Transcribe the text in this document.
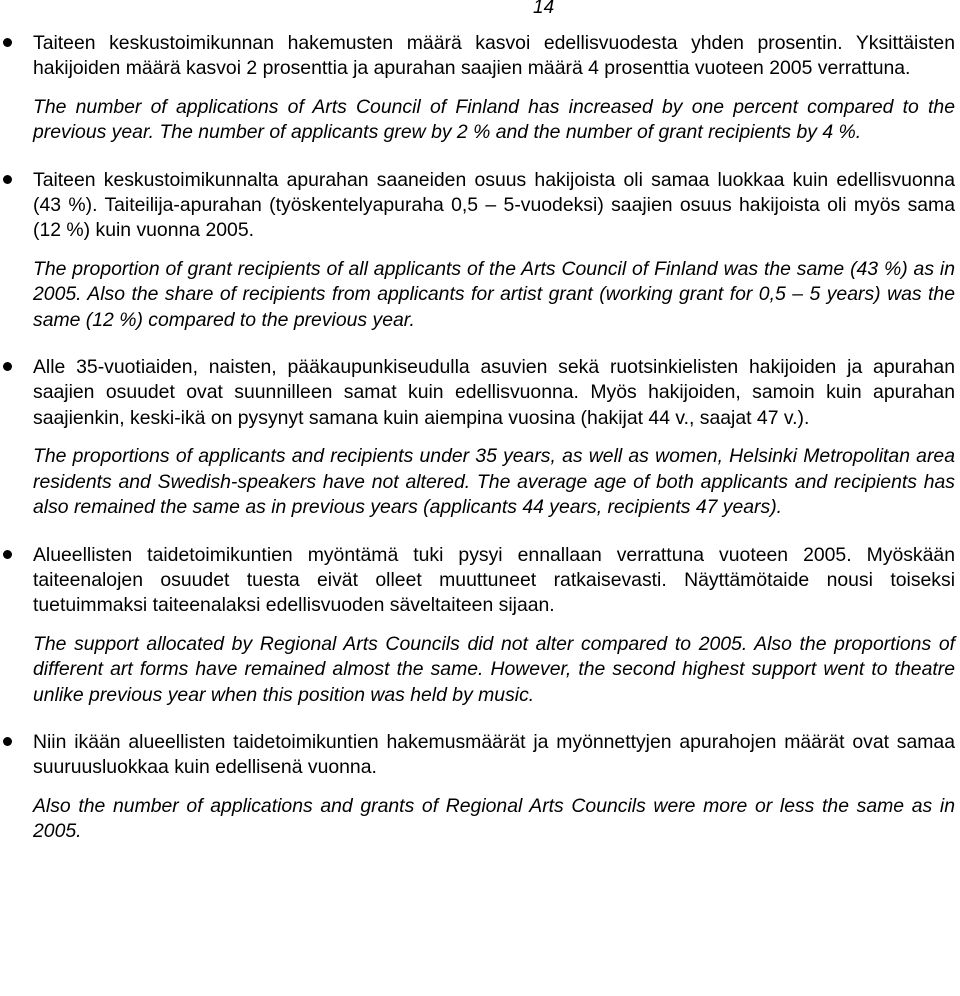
14

Taiteen keskustoimikunnan hakemusten määrä kasvoi edellisvuodesta yhden prosentin. Yksittäisten hakijoiden määrä kasvoi 2 prosenttia ja apurahan saajien määrä 4 prosenttia vuoteen 2005 verrattuna.

The number of applications of Arts Council of Finland has increased by one percent compared to the previous year. The number of applicants grew by 2 % and the number of grant recipients by 4 %.

Taiteen keskustoimikunnalta apurahan saaneiden osuus hakijoista oli samaa luokkaa kuin edellisvuonna (43 %). Taiteilija-apurahan (työskentelyapuraha 0,5 – 5-vuodeksi) saajien osuus hakijoista oli myös sama (12 %) kuin vuonna 2005.

The proportion of grant recipients of all applicants of the Arts Council of Finland was the same (43 %) as in 2005. Also the share of recipients from applicants for artist grant (working grant for 0,5 – 5 years) was the same (12 %) compared to the previous year.

Alle 35-vuotiaiden, naisten, pääkaupunkiseudulla asuvien sekä ruotsinkielisten hakijoiden ja apurahan saajien osuudet ovat suunnilleen samat kuin edellisvuonna. Myös hakijoiden, samoin kuin apurahan saajienkin, keski-ikä on pysynyt samana kuin aiempina vuosina (hakijat 44 v., saajat 47 v.).

The proportions of applicants and recipients under 35 years, as well as women, Helsinki Metropolitan area residents and Swedish-speakers have not altered. The average age of both applicants and recipients has also remained the same as in previous years (applicants 44 years, recipients 47 years).

Alueellisten taidetoimikuntien myöntämä tuki pysyi ennallaan verrattuna vuoteen 2005. Myöskään taiteenalojen osuudet tuesta eivät olleet muuttuneet ratkaisevasti. Näyttämötaide nousi toiseksi tuetuimmaksi taiteenalaksi edellisvuoden säveltaiteen sijaan.

The support allocated by Regional Arts Councils did not alter compared to 2005. Also the proportions of different art forms have remained almost the same. However, the second highest support went to theatre unlike previous year when this position was held by music.

Niin ikään alueellisten taidetoimikuntien hakemusmäärät ja myönnettyjen apurahojen määrät ovat samaa suuruusluokkaa kuin edellisenä vuonna.

Also the number of applications and grants of Regional Arts Councils were more or less the same as in 2005.
